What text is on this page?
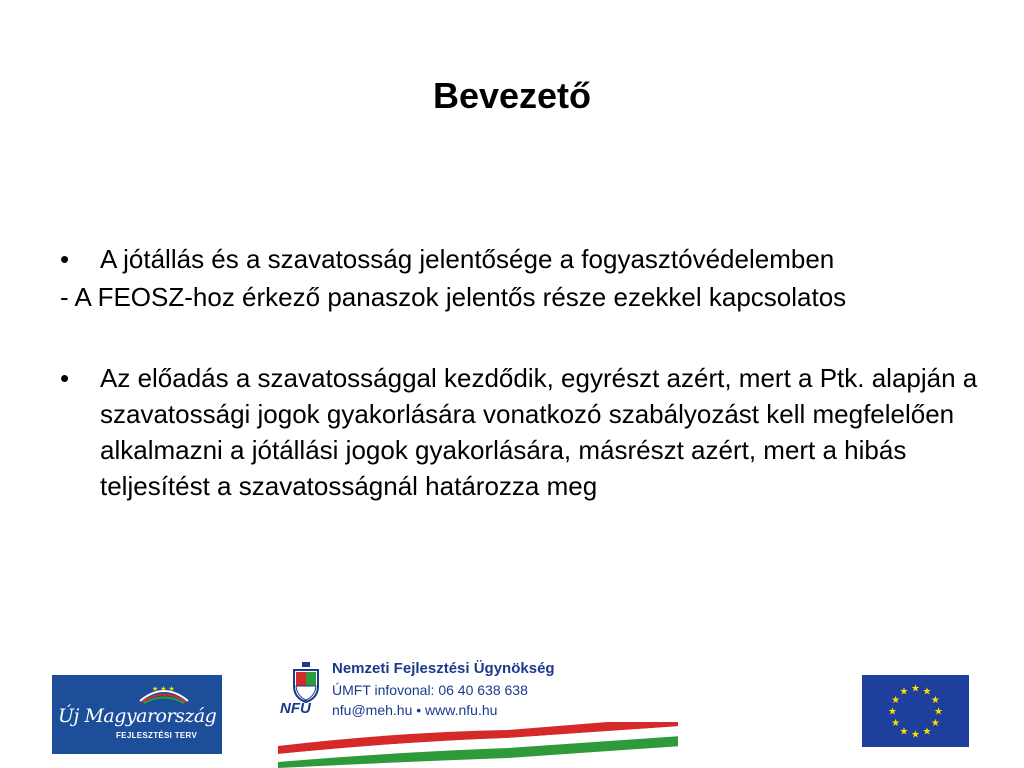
Bevezető
• A jótállás és a szavatosság jelentősége a fogyasztóvédelemben
- A FEOSZ-hoz érkező panaszok jelentős része ezekkel kapcsolatos
• Az előadás a szavatossággal kezdődik, egyrészt azért, mert a Ptk. alapján a szavatossági jogok gyakorlására vonatkozó szabályozást kell megfelelően alkalmazni a jótállási jogok gyakorlására, másrészt azért, mert a hibás teljesítést a szavatosságnál határozza meg
★ ★ ★
Új Magyarország
FEJLESZTÉSI TERV
NFÜ
Nemzeti Fejlesztési Ügynökség
ÚMFT infovonal: 06 40 638 638
nfu@meh.hu • www.nfu.hu
★ ★
★
★
★
★
★
★
★
★
★
★
